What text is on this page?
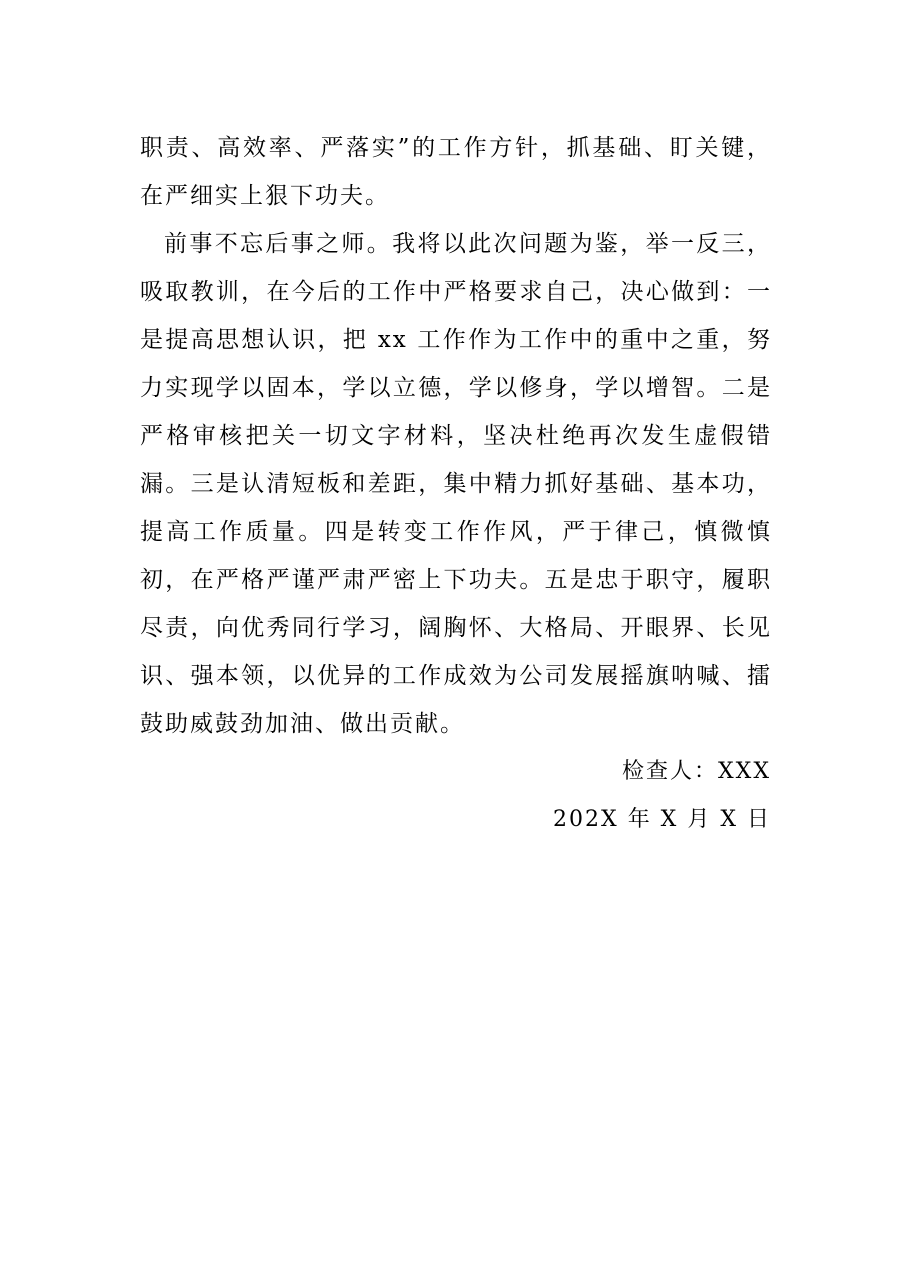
职责、高效率、严落实”的工作方针，抓基础、盯关键，在严细实上狠下功夫。

前事不忘后事之师。我将以此次问题为鉴，举一反三，吸取教训，在今后的工作中严格要求自己，决心做到：一是提高思想认识，把 xx 工作作为工作中的重中之重，努力实现学以固本，学以立德，学以修身，学以增智。二是严格审核把关一切文字材料，坚决杜绝再次发生虚假错漏。三是认清短板和差距，集中精力抓好基础、基本功，提高工作质量。四是转变工作作风，严于律己，慎微慎初，在严格严谨严肃严密上下功夫。五是忠于职守，履职尽责，向优秀同行学习，阔胸怀、大格局、开眼界、长见识、强本领，以优异的工作成效为公司发展摇旗呐喊、擂鼓助威鼓劲加油、做出贡献。

检查人：XXX
202X 年 X 月 X 日
